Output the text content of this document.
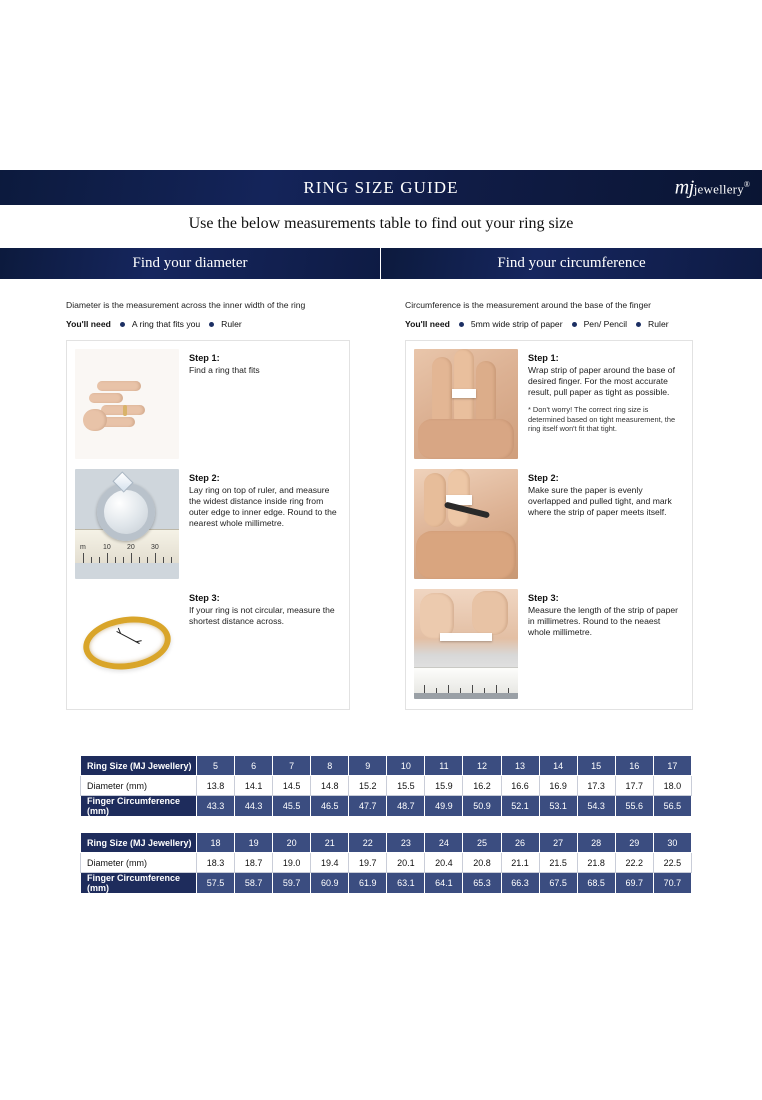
RING SIZE GUIDE	mjjewellery®
Use the below measurements table to find out your ring size
Find your diameter	Find your circumference
Diameter is the measurement across the inner width of the ring
You'll need A ring that fits you Ruler
Step 1:
Find a ring that fits
m 10 20 30
Step 2:
Lay ring on top of ruler, and measure the widest distance inside ring from outer edge to inner edge. Round to the nearest whole millimetre.
Step 3:
If your ring is not circular, measure the shortest distance across.
Circumference is the measurement around the base of the finger
You'll need 5mm wide strip of paper Pen/ Pencil Ruler
Step 1:
Wrap strip of paper around the base of desired finger. For the most accurate result, pull paper as tight as possible.
* Don't worry! The correct ring size is determined based on tight measurement, the ring itself won't fit that tight.
Step 2:
Make sure the paper is evenly overlapped and pulled tight, and mark where the strip of paper meets itself.
Step 3:
Measure the length of the strip of paper in millimetres. Round to the neaest whole millimetre.
Ring Size (MJ Jewellery)	5	6	7	8	9	10	11	12	13	14	15	16	17
Diameter (mm)	13.8	14.1	14.5	14.8	15.2	15.5	15.9	16.2	16.6	16.9	17.3	17.7	18.0
Finger Circumference (mm)	43.3	44.3	45.5	46.5	47.7	48.7	49.9	50.9	52.1	53.1	54.3	55.6	56.5
Ring Size (MJ Jewellery)	18	19	20	21	22	23	24	25	26	27	28	29	30
Diameter (mm)	18.3	18.7	19.0	19.4	19.7	20.1	20.4	20.8	21.1	21.5	21.8	22.2	22.5
Finger Circumference (mm)	57.5	58.7	59.7	60.9	61.9	63.1	64.1	65.3	66.3	67.5	68.5	69.7	70.7
